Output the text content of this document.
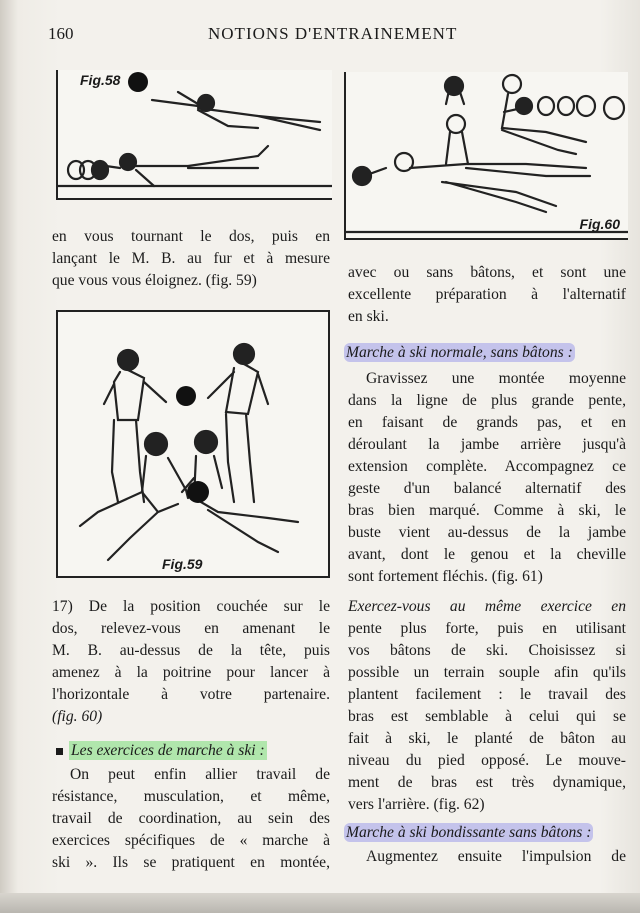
160	NOTIONS D'ENTRAINEMENT
Fig.58
Fig.60
en vous tournant le dos, puis en
lançant le M. B. au fur et à mesure
que vous vous éloignez. (fig. 59)
Fig.59
17) De la position couchée sur le
dos, relevez-vous en amenant le
M. B. au-dessus de la tête, puis
amenez à la poitrine pour lancer à
l'horizontale à votre partenaire.
(fig. 60)
Les exercices de marche à ski :
On peut enfin allier travail de
résistance, musculation, et même,
travail de coordination, au sein des
exercices spécifiques de « marche à
ski ». Ils se pratiquent en montée,
avec ou sans bâtons, et sont une
excellente préparation à l'alternatif
en ski.
Marche à ski normale, sans bâtons :
Gravissez une montée moyenne
dans la ligne de plus grande pente,
en faisant de grands pas, et en
déroulant la jambe arrière jusqu'à
extension complète. Accompagnez ce
geste d'un balancé alternatif des
bras bien marqué. Comme à ski, le
buste vient au-dessus de la jambe
avant, dont le genou et la cheville
sont fortement fléchis. (fig. 61)
Exercez-vous au même exercice en
pente plus forte, puis en utilisant
vos bâtons de ski. Choisissez si
possible un terrain souple afin qu'ils
plantent facilement : le travail des
bras est semblable à celui qui se
fait à ski, le planté de bâton au
niveau du pied opposé. Le mouve-
ment de bras est très dynamique,
vers l'arrière. (fig. 62)
Marche à ski bondissante sans bâtons :
Augmentez ensuite l'impulsion de
